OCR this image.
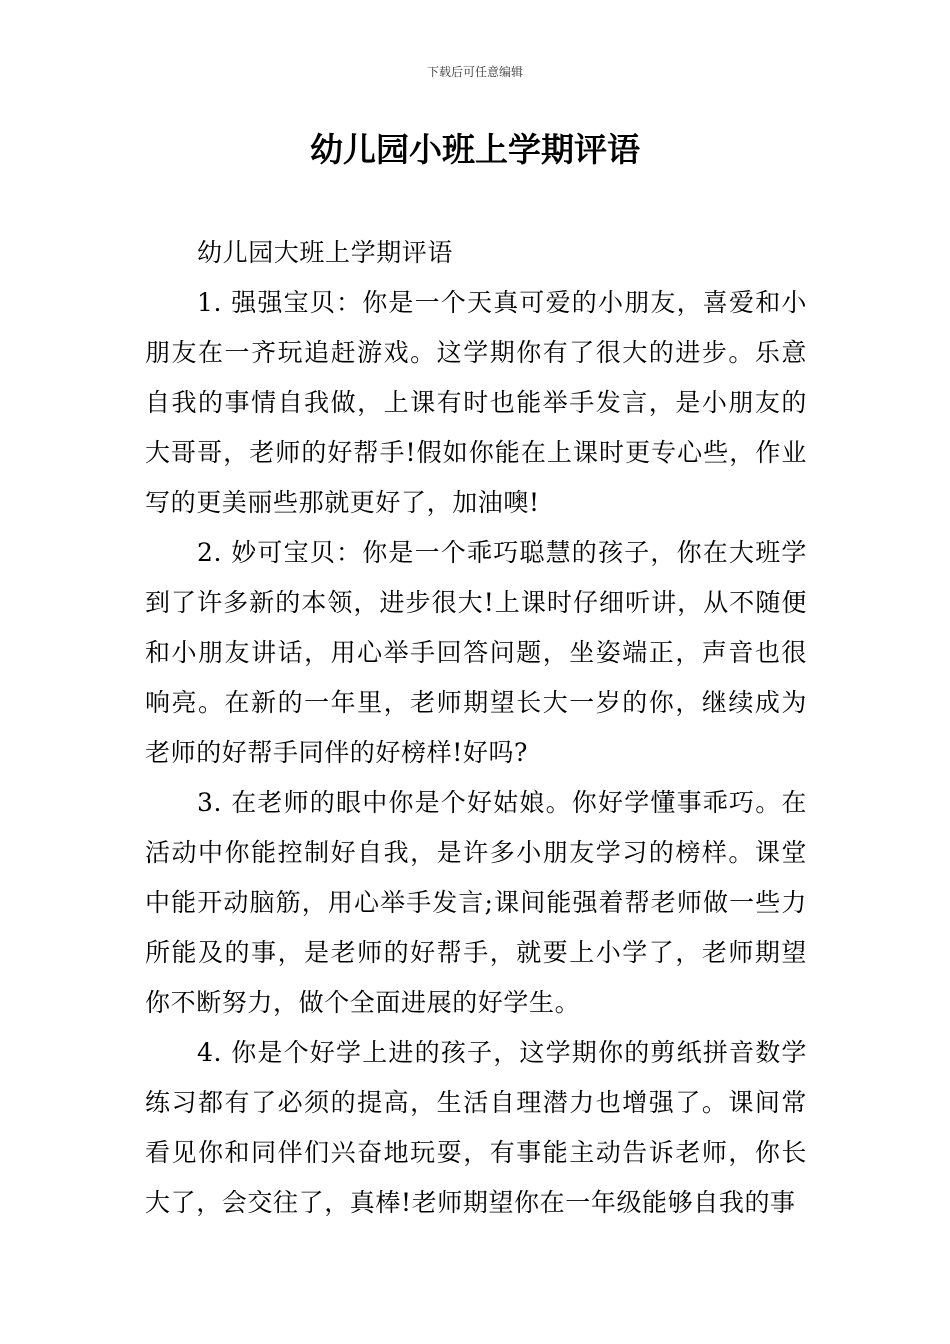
下载后可任意编辑
幼儿园小班上学期评语

幼儿园大班上学期评语

1. 强强宝贝：你是一个天真可爱的小朋友，喜爱和小朋友在一齐玩追赶游戏。这学期你有了很大的进步。乐意自我的事情自我做，上课有时也能举手发言，是小朋友的大哥哥，老师的好帮手!假如你能在上课时更专心些，作业写的更美丽些那就更好了，加油噢!

2. 妙可宝贝：你是一个乖巧聪慧的孩子，你在大班学到了许多新的本领，进步很大!上课时仔细听讲，从不随便和小朋友讲话，用心举手回答问题，坐姿端正，声音也很响亮。在新的一年里，老师期望长大一岁的你，继续成为老师的好帮手同伴的好榜样!好吗?

3. 在老师的眼中你是个好姑娘。你好学懂事乖巧。在活动中你能控制好自我，是许多小朋友学习的榜样。课堂中能开动脑筋，用心举手发言;课间能强着帮老师做一些力所能及的事，是老师的好帮手，就要上小学了，老师期望你不断努力，做个全面进展的好学生。

4. 你是个好学上进的孩子，这学期你的剪纸拼音数学练习都有了必须的提高，生活自理潜力也增强了。课间常看见你和同伴们兴奋地玩耍，有事能主动告诉老师，你长大了，会交往了，真棒!老师期望你在一年级能够自我的事
